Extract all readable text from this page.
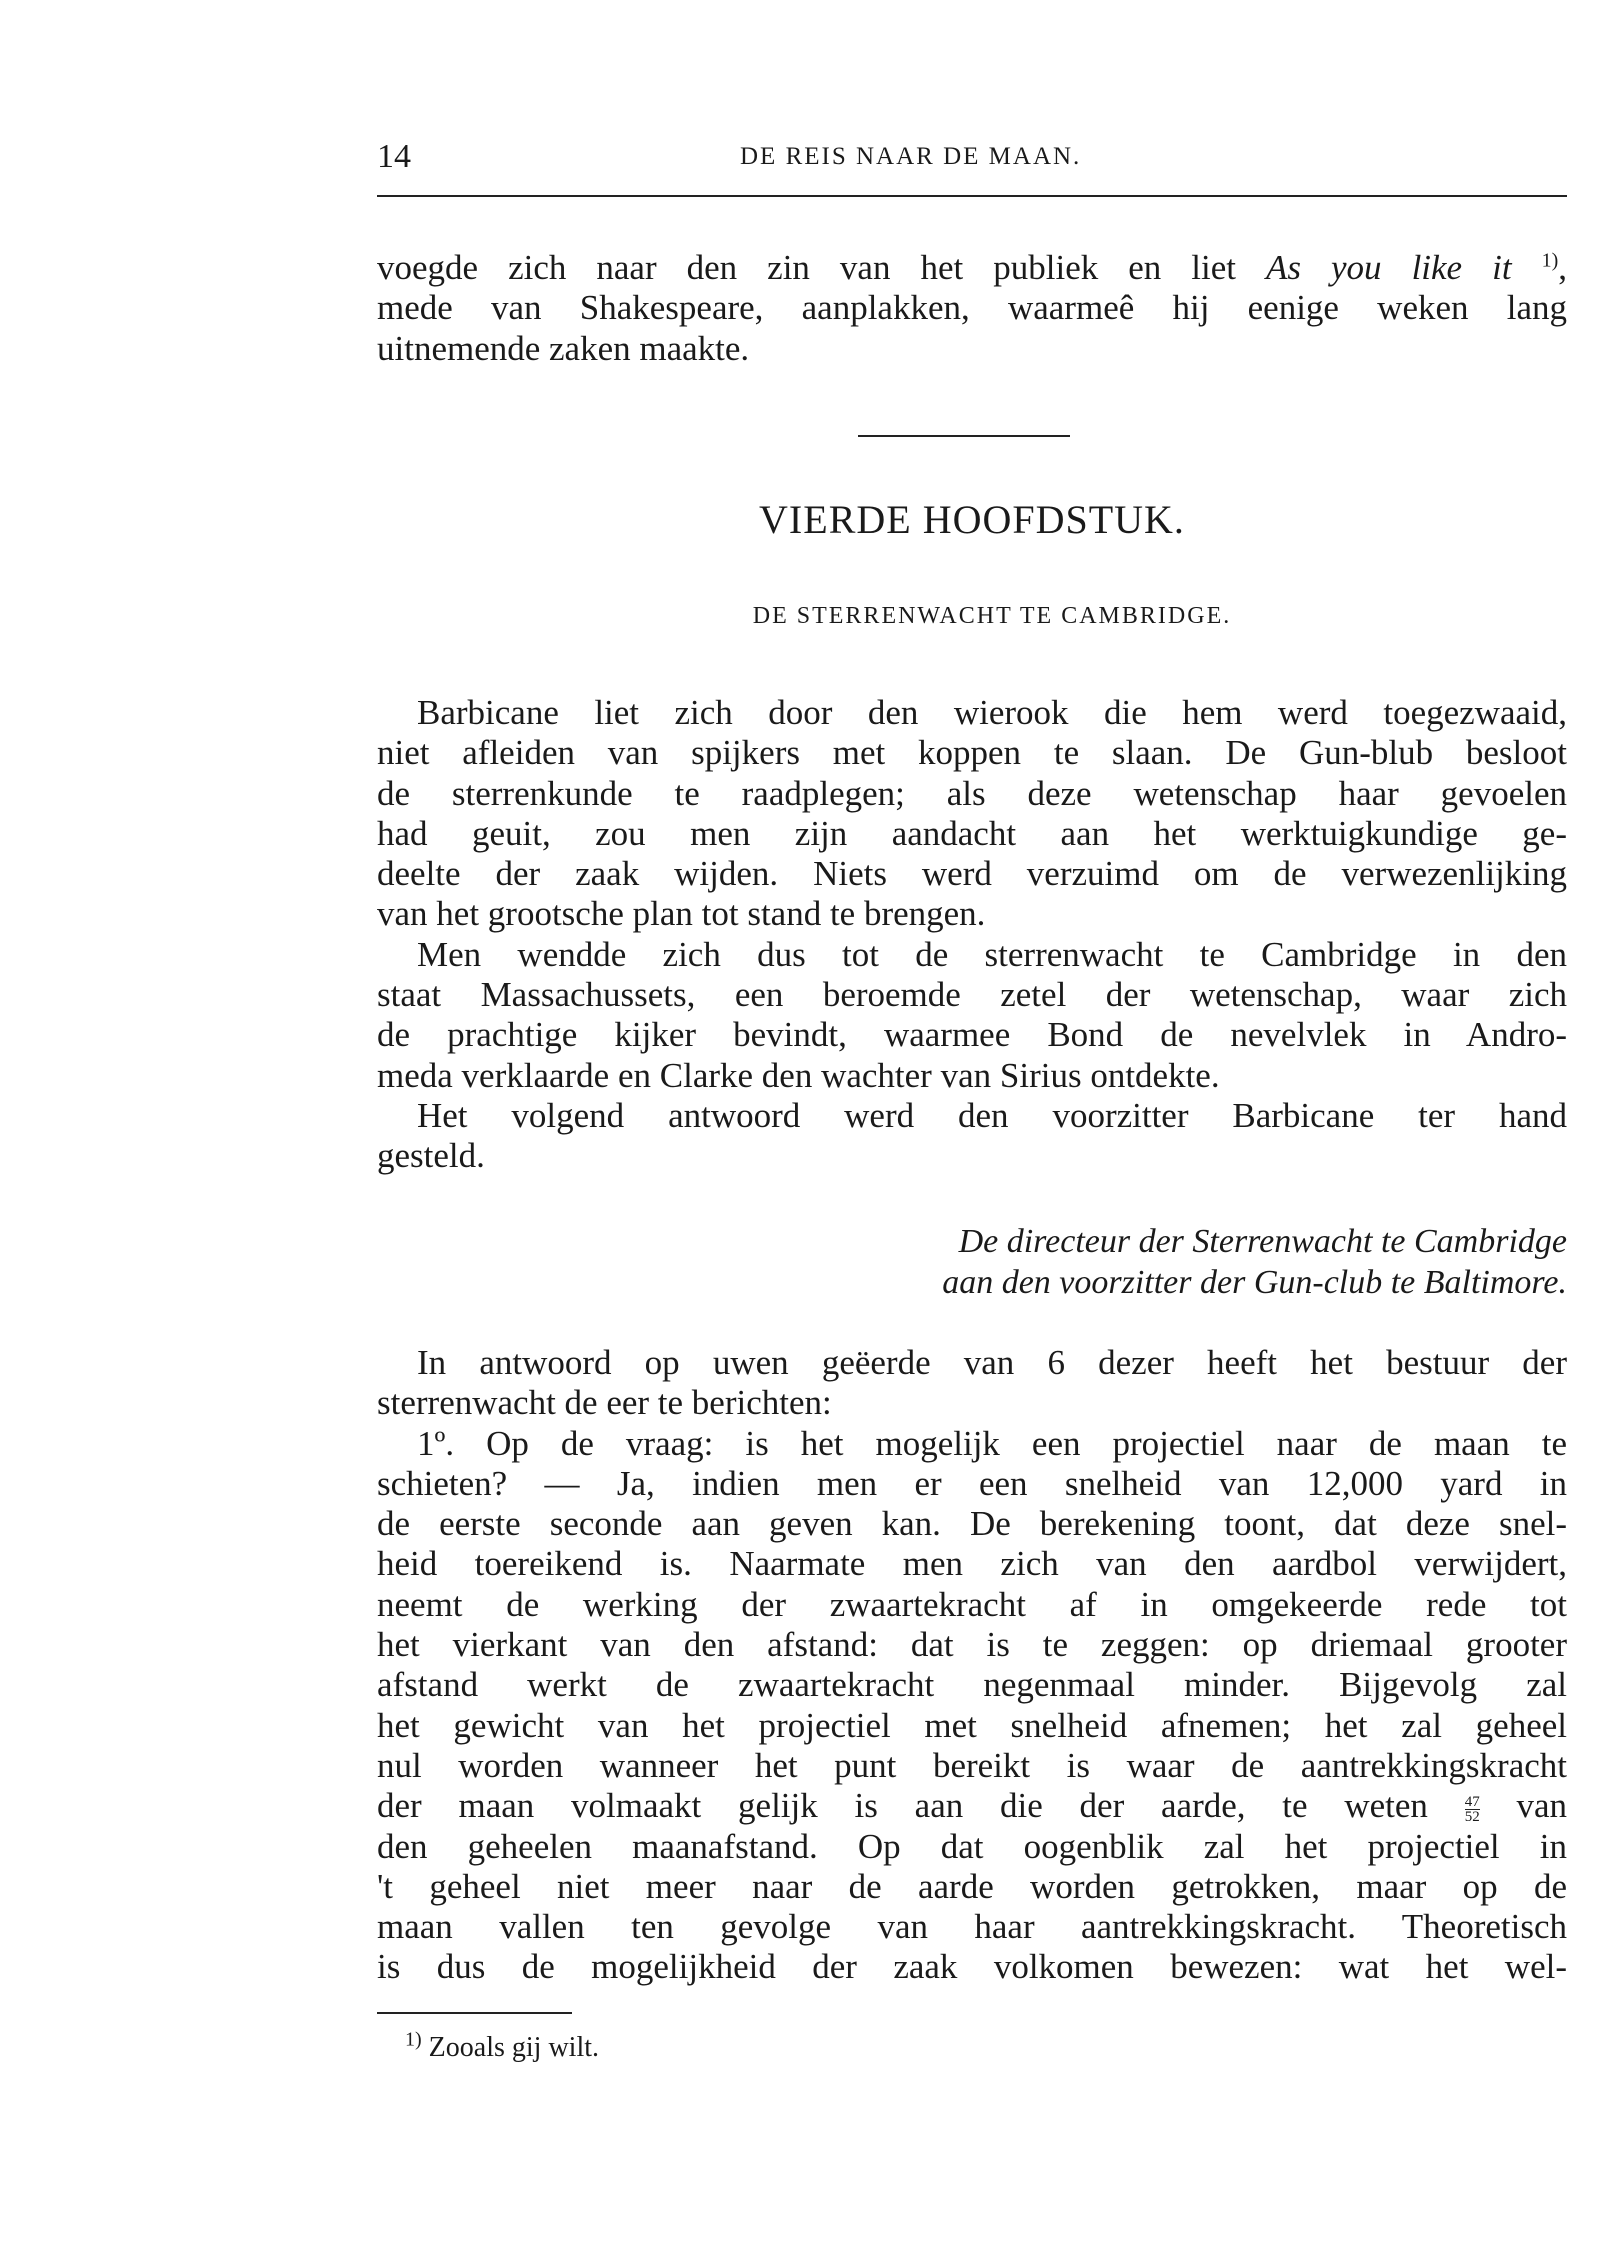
14	DE REIS NAAR DE MAAN.
voegde zich naar den zin van het publiek en liet As you like it $^{1)}$,
mede van Shakespeare, aanplakken, waarmeê hij eenige weken lang
uitnemende zaken maakte.
VIERDE HOOFDSTUK.
DE STERRENWACHT TE CAMBRIDGE.
Barbicane liet zich door den wierook die hem werd toegezwaaid,
niet afleiden van spijkers met koppen te slaan. De Gun-blub besloot
de sterrenkunde te raadplegen; als deze wetenschap haar gevoelen
had geuit, zou men zijn aandacht aan het werktuigkundige ge-
deelte der zaak wijden. Niets werd verzuimd om de verwezenlijking
van het grootsche plan tot stand te brengen.
Men wendde zich dus tot de sterrenwacht te Cambridge in den
staat Massachussets, een beroemde zetel der wetenschap, waar zich
de prachtige kijker bevindt, waarmee Bond de nevelvlek in Andro-
meda verklaarde en Clarke den wachter van Sirius ontdekte.
Het volgend antwoord werd den voorzitter Barbicane ter hand
gesteld.
De directeur der Sterrenwacht te Cambridge
aan den voorzitter der Gun-club te Baltimore.
In antwoord op uwen geëerde van 6 dezer heeft het bestuur der
sterrenwacht de eer te berichten:
1º. Op de vraag: is het mogelijk een projectiel naar de maan te
schieten? — Ja, indien men er een snelheid van 12,000 yard in
de eerste seconde aan geven kan. De berekening toont, dat deze snel-
heid toereikend is. Naarmate men zich van den aardbol verwijdert,
neemt de werking der zwaartekracht af in omgekeerde rede tot
het vierkant van den afstand: dat is te zeggen: op driemaal grooter
afstand werkt de zwaartekracht negenmaal minder. Bijgevolg zal
het gewicht van het projectiel met snelheid afnemen; het zal geheel
nul worden wanneer het punt bereikt is waar de aantrekkingskracht
der maan volmaakt gelijk is aan die der aarde, te weten $\frac{47}{52}$ van
den geheelen maanafstand. Op dat oogenblik zal het projectiel in
't geheel niet meer naar de aarde worden getrokken, maar op de
maan vallen ten gevolge van haar aantrekkingskracht. Theoretisch
is dus de mogelijkheid der zaak volkomen bewezen: wat het wel-
$^{1)}$ Zooals gij wilt.
